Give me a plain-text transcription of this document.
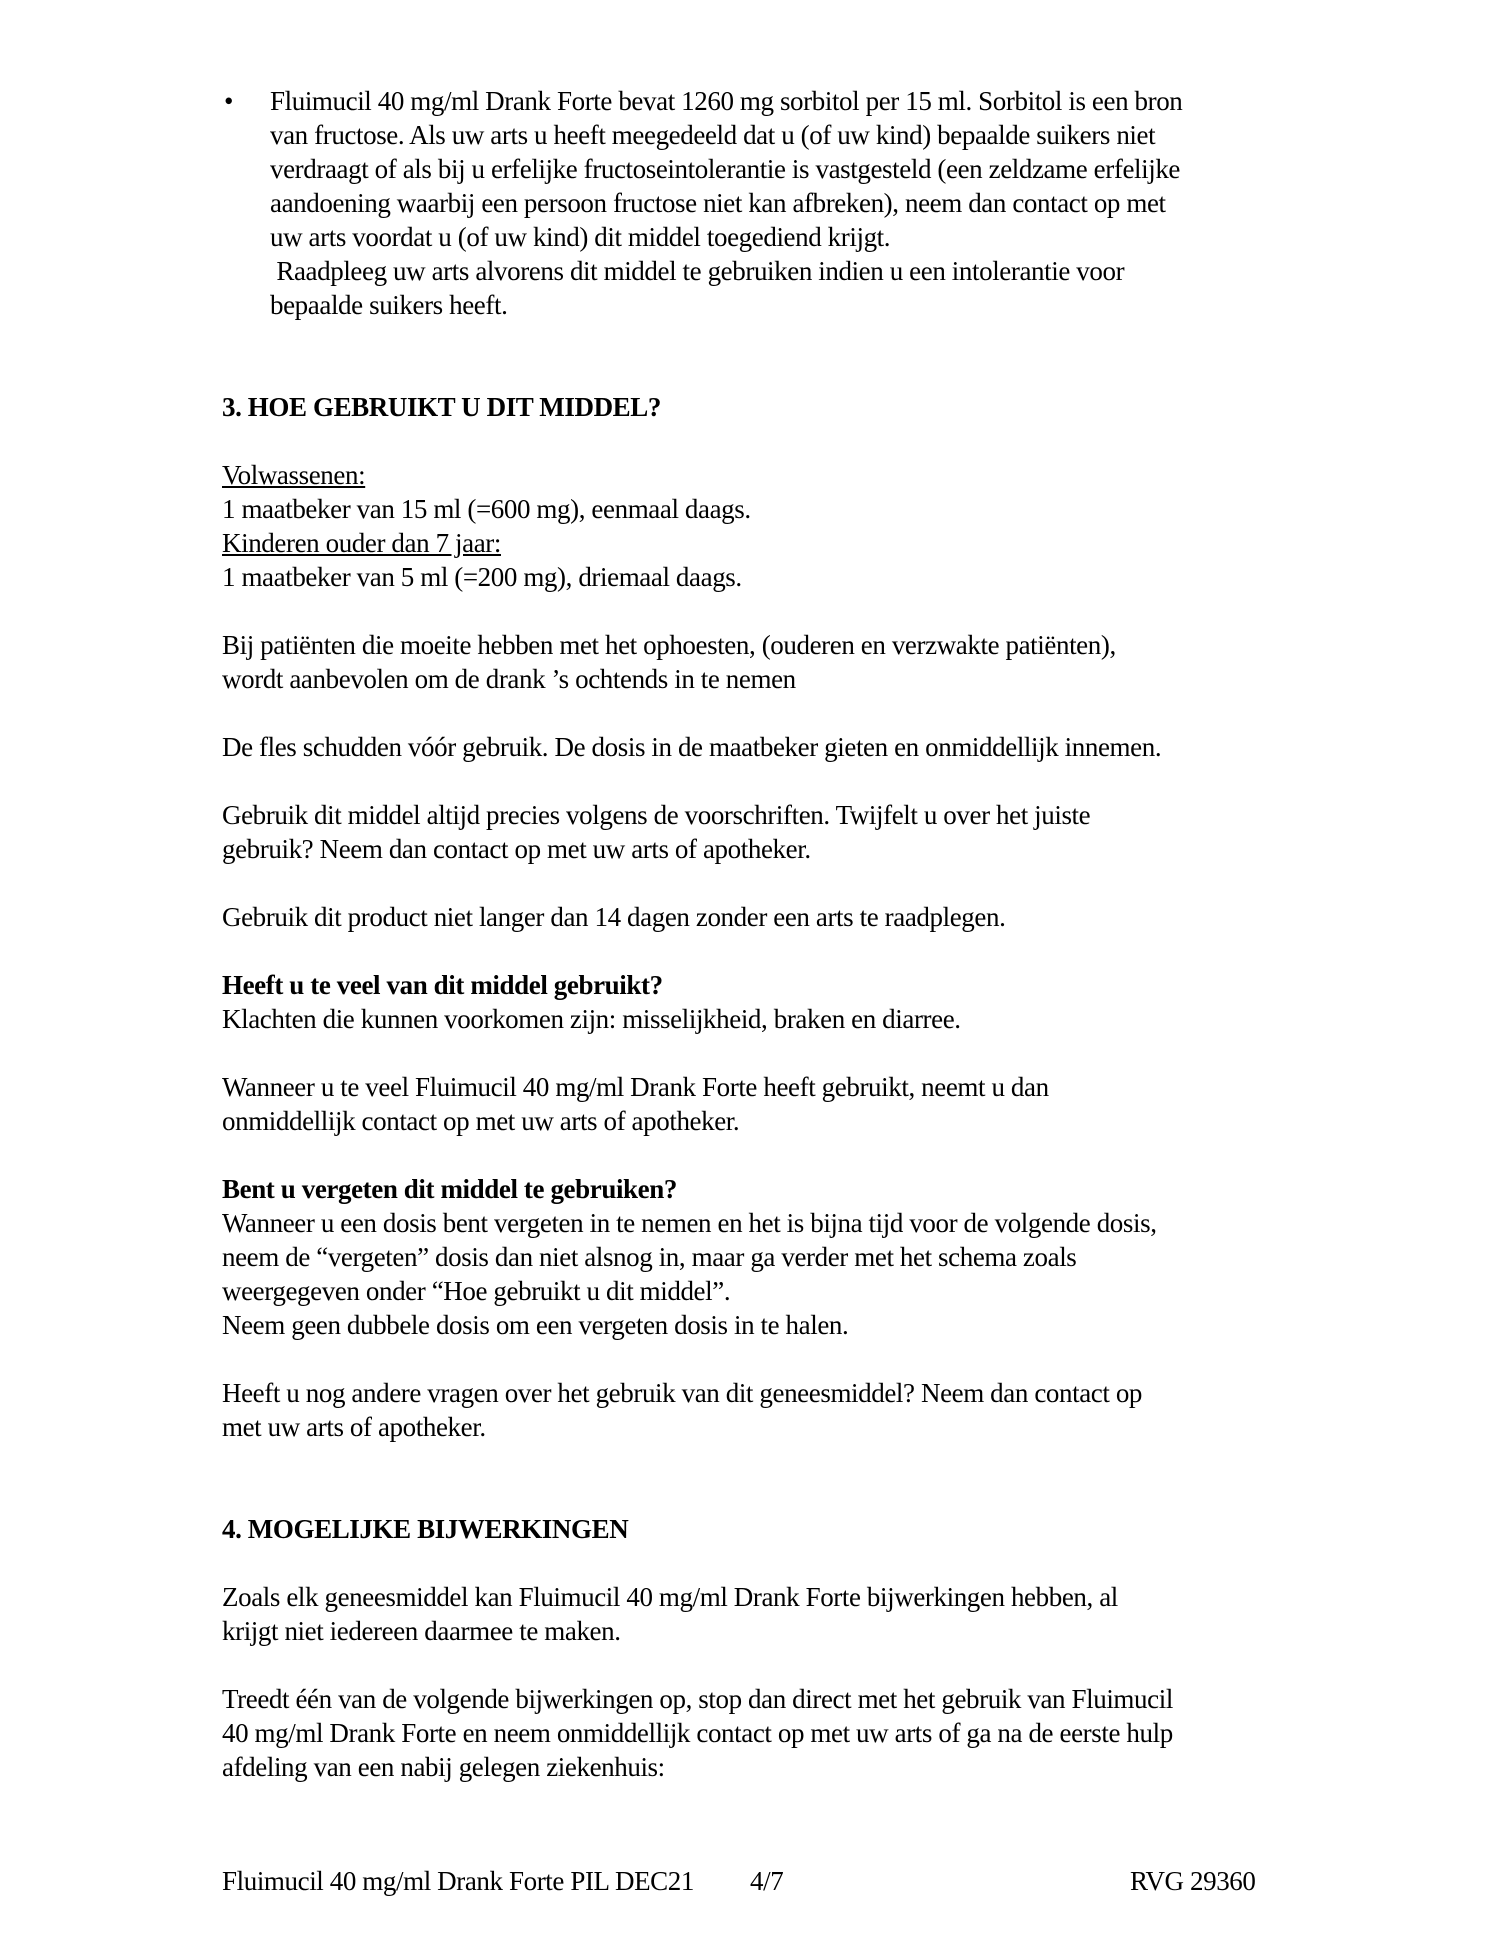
• Fluimucil 40 mg/ml Drank Forte bevat 1260 mg sorbitol per 15 ml. Sorbitol is een bron
van fructose. Als uw arts u heeft meegedeeld dat u (of uw kind) bepaalde suikers niet
verdraagt of als bij u erfelijke fructoseintolerantie is vastgesteld (een zeldzame erfelijke
aandoening waarbij een persoon fructose niet kan afbreken), neem dan contact op met
uw arts voordat u (of uw kind) dit middel toegediend krijgt.
Raadpleeg uw arts alvorens dit middel te gebruiken indien u een intolerantie voor
bepaalde suikers heeft.
3. HOE GEBRUIKT U DIT MIDDEL?
Volwassenen:
1 maatbeker van 15 ml (=600 mg), eenmaal daags.
Kinderen ouder dan 7 jaar:
1 maatbeker van 5 ml (=200 mg), driemaal daags.
Bij patiënten die moeite hebben met het ophoesten, (ouderen en verzwakte patiënten),
wordt aanbevolen om de drank ’s ochtends in te nemen
De fles schudden vóór gebruik. De dosis in de maatbeker gieten en onmiddellijk innemen.
Gebruik dit middel altijd precies volgens de voorschriften. Twijfelt u over het juiste
gebruik? Neem dan contact op met uw arts of apotheker.
Gebruik dit product niet langer dan 14 dagen zonder een arts te raadplegen.
Heeft u te veel van dit middel gebruikt?
Klachten die kunnen voorkomen zijn: misselijkheid, braken en diarree.
Wanneer u te veel Fluimucil 40 mg/ml Drank Forte heeft gebruikt, neemt u dan
onmiddellijk contact op met uw arts of apotheker.
Bent u vergeten dit middel te gebruiken?
Wanneer u een dosis bent vergeten in te nemen en het is bijna tijd voor de volgende dosis,
neem de “vergeten” dosis dan niet alsnog in, maar ga verder met het schema zoals
weergegeven onder “Hoe gebruikt u dit middel”.
Neem geen dubbele dosis om een vergeten dosis in te halen.
Heeft u nog andere vragen over het gebruik van dit geneesmiddel? Neem dan contact op
met uw arts of apotheker.
4. MOGELIJKE BIJWERKINGEN
Zoals elk geneesmiddel kan Fluimucil 40 mg/ml Drank Forte bijwerkingen hebben, al
krijgt niet iedereen daarmee te maken.
Treedt één van de volgende bijwerkingen op, stop dan direct met het gebruik van Fluimucil
40 mg/ml Drank Forte en neem onmiddellijk contact op met uw arts of ga na de eerste hulp
afdeling van een nabij gelegen ziekenhuis:
Fluimucil 40 mg/ml Drank Forte PIL DEC21 4/7	RVG 29360
